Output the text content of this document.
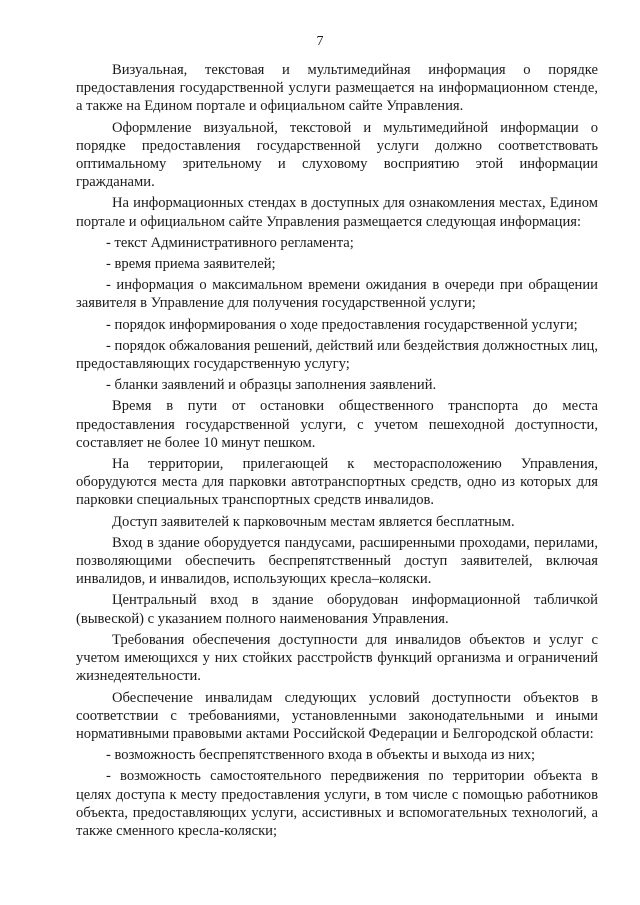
7

Визуальная, текстовая и мультимедийная информация о порядке предоставления государственной услуги размещается на информационном стенде, а также на Едином портале и официальном сайте Управления.

Оформление визуальной, текстовой и мультимедийной информации о порядке предоставления государственной услуги должно соответствовать оптимальному зрительному и слуховому восприятию этой информации гражданами.

На информационных стендах в доступных для ознакомления местах, Едином портале и официальном сайте Управления размещается следующая информация:

- текст Административного регламента;

- время приема заявителей;

- информация о максимальном времени ожидания в очереди при обращении заявителя в Управление для получения государственной услуги;

- порядок информирования о ходе предоставления государственной услуги;

- порядок обжалования решений, действий или бездействия должностных лиц, предоставляющих государственную услугу;

- бланки заявлений и образцы заполнения заявлений.

Время в пути от остановки общественного транспорта до места предоставления государственной услуги, с учетом пешеходной доступности, составляет не более 10 минут пешком.

На территории, прилегающей к месторасположению Управления, оборудуются места для парковки автотранспортных средств, одно из которых для парковки специальных транспортных средств инвалидов.

Доступ заявителей к парковочным местам является бесплатным.

Вход в здание оборудуется пандусами, расширенными проходами, перилами, позволяющими обеспечить беспрепятственный доступ заявителей, включая инвалидов, и инвалидов, использующих кресла–коляски.

Центральный вход в здание оборудован информационной табличкой (вывеской) с указанием полного наименования Управления.

Требования обеспечения доступности для инвалидов объектов и услуг с учетом имеющихся у них стойких расстройств функций организма и ограничений жизнедеятельности.

Обеспечение инвалидам следующих условий доступности объектов в соответствии с требованиями, установленными законодательными и иными нормативными правовыми актами Российской Федерации и Белгородской области:

- возможность беспрепятственного входа в объекты и выхода из них;

- возможность самостоятельного передвижения по территории объекта в целях доступа к месту предоставления услуги, в том числе с помощью работников объекта, предоставляющих услуги, ассистивных и вспомогательных технологий, а также сменного кресла-коляски;
